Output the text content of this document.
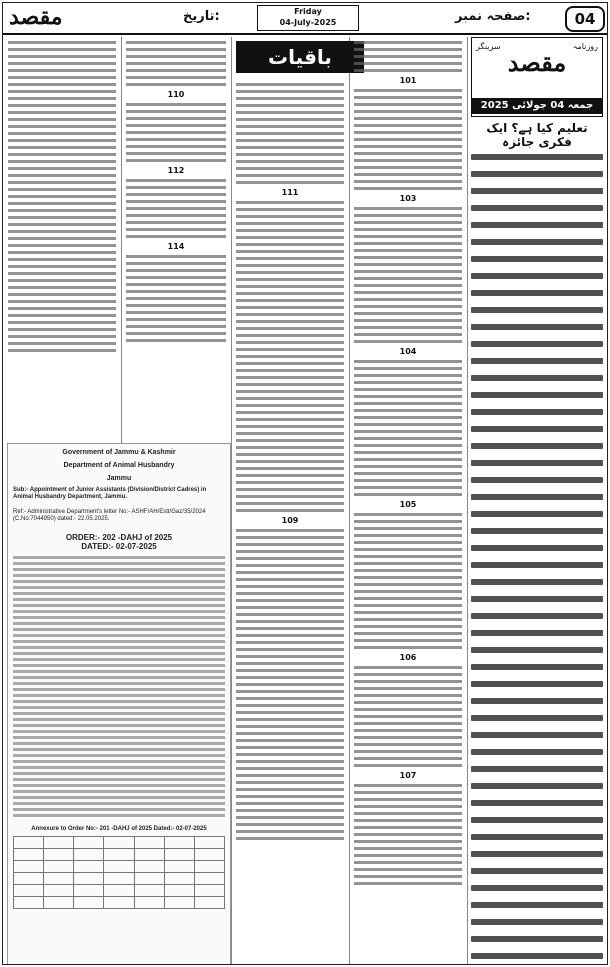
مقصد	تاریخ:	Friday
04-July-2025	صفحہ نمبر:	04
110
112
114
Government of Jammu & Kashmir
Department of Animal Husbandry
Jammu
Sub:- Appointment of Junior Assistants (Division/District Cadres) in Animal Husbandry Department, Jammu.
Ref:- Administrative Department's letter No:- ASHF/AH/Estt/Gaz/35/2024 (C.No:7044950) dated:- 22.05.2025.
ORDER:- 202 -DAHJ of 2025
DATED:- 02-07-2025
Annexure to Order No:- 201 -DAHJ of 2025 Dated:- 02-07-2025

باقیات
111
109
101
103
104
105
106
107
روزنامہ
سرینگر
مقصد
جمعہ 04 جولائی 2025
تعلیم کیا ہے؟ ایک فکری جائزہ
